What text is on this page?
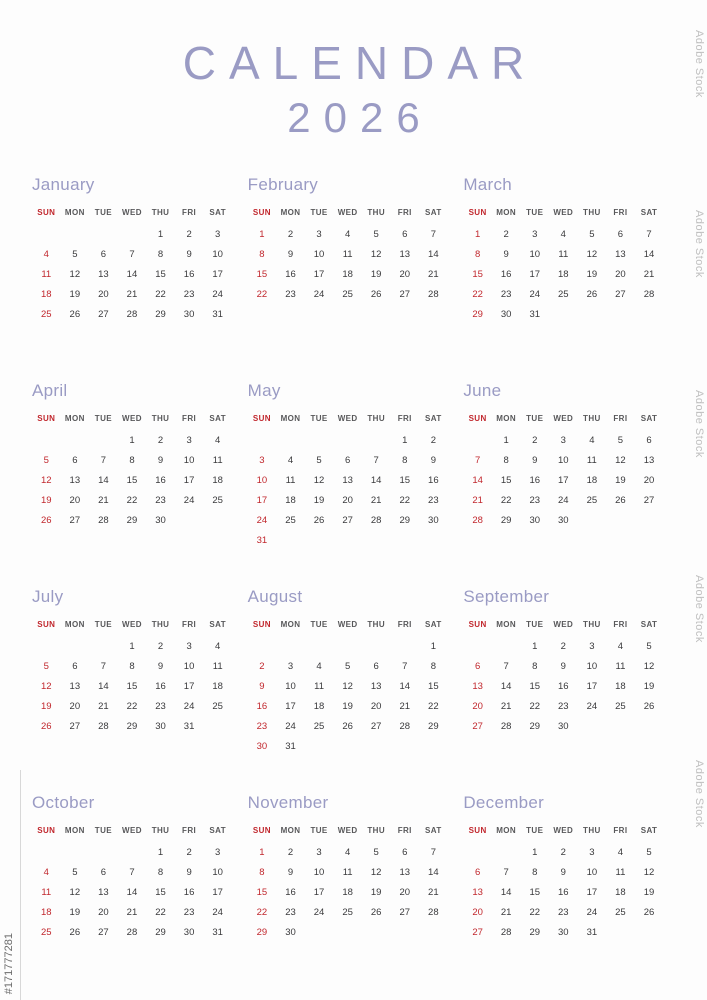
CALENDAR
2026
January
SUN	MON	TUE	WED	THU	FRI	SAT
				1	2	3
4	5	6	7	8	9	10
11	12	13	14	15	16	17
18	19	20	21	22	23	24
25	26	27	28	29	30	31
February
SUN	MON	TUE	WED	THU	FRI	SAT
1	2	3	4	5	6	7
8	9	10	11	12	13	14
15	16	17	18	19	20	21
22	23	24	25	26	27	28
March
SUN	MON	TUE	WED	THU	FRI	SAT
1	2	3	4	5	6	7
8	9	10	11	12	13	14
15	16	17	18	19	20	21
22	23	24	25	26	27	28
29	30	31				
April
SUN	MON	TUE	WED	THU	FRI	SAT
			1	2	3	4
5	6	7	8	9	10	11
12	13	14	15	16	17	18
19	20	21	22	23	24	25
26	27	28	29	30		
May
SUN	MON	TUE	WED	THU	FRI	SAT
					1	2
3	4	5	6	7	8	9
10	11	12	13	14	15	16
17	18	19	20	21	22	23
24	25	26	27	28	29	30
31						
June
SUN	MON	TUE	WED	THU	FRI	SAT
	1	2	3	4	5	6
7	8	9	10	11	12	13
14	15	16	17	18	19	20
21	22	23	24	25	26	27
28	29	30	30			
July
SUN	MON	TUE	WED	THU	FRI	SAT
			1	2	3	4
5	6	7	8	9	10	11
12	13	14	15	16	17	18
19	20	21	22	23	24	25
26	27	28	29	30	31	
August
SUN	MON	TUE	WED	THU	FRI	SAT
						1
2	3	4	5	6	7	8
9	10	11	12	13	14	15
16	17	18	19	20	21	22
23	24	25	26	27	28	29
30	31					
September
SUN	MON	TUE	WED	THU	FRI	SAT
		1	2	3	4	5
6	7	8	9	10	11	12
13	14	15	16	17	18	19
20	21	22	23	24	25	26
27	28	29	30			
October
SUN	MON	TUE	WED	THU	FRI	SAT
				1	2	3
4	5	6	7	8	9	10
11	12	13	14	15	16	17
18	19	20	21	22	23	24
25	26	27	28	29	30	31
November
SUN	MON	TUE	WED	THU	FRI	SAT
1	2	3	4	5	6	7
8	9	10	11	12	13	14
15	16	17	18	19	20	21
22	23	24	25	26	27	28
29	30					
December
SUN	MON	TUE	WED	THU	FRI	SAT
		1	2	3	4	5
6	7	8	9	10	11	12
13	14	15	16	17	18	19
20	21	22	23	24	25	26
27	28	29	30	31		
Adobe Stock
Adobe Stock
Adobe Stock
Adobe Stock
Adobe Stock
#171777281
